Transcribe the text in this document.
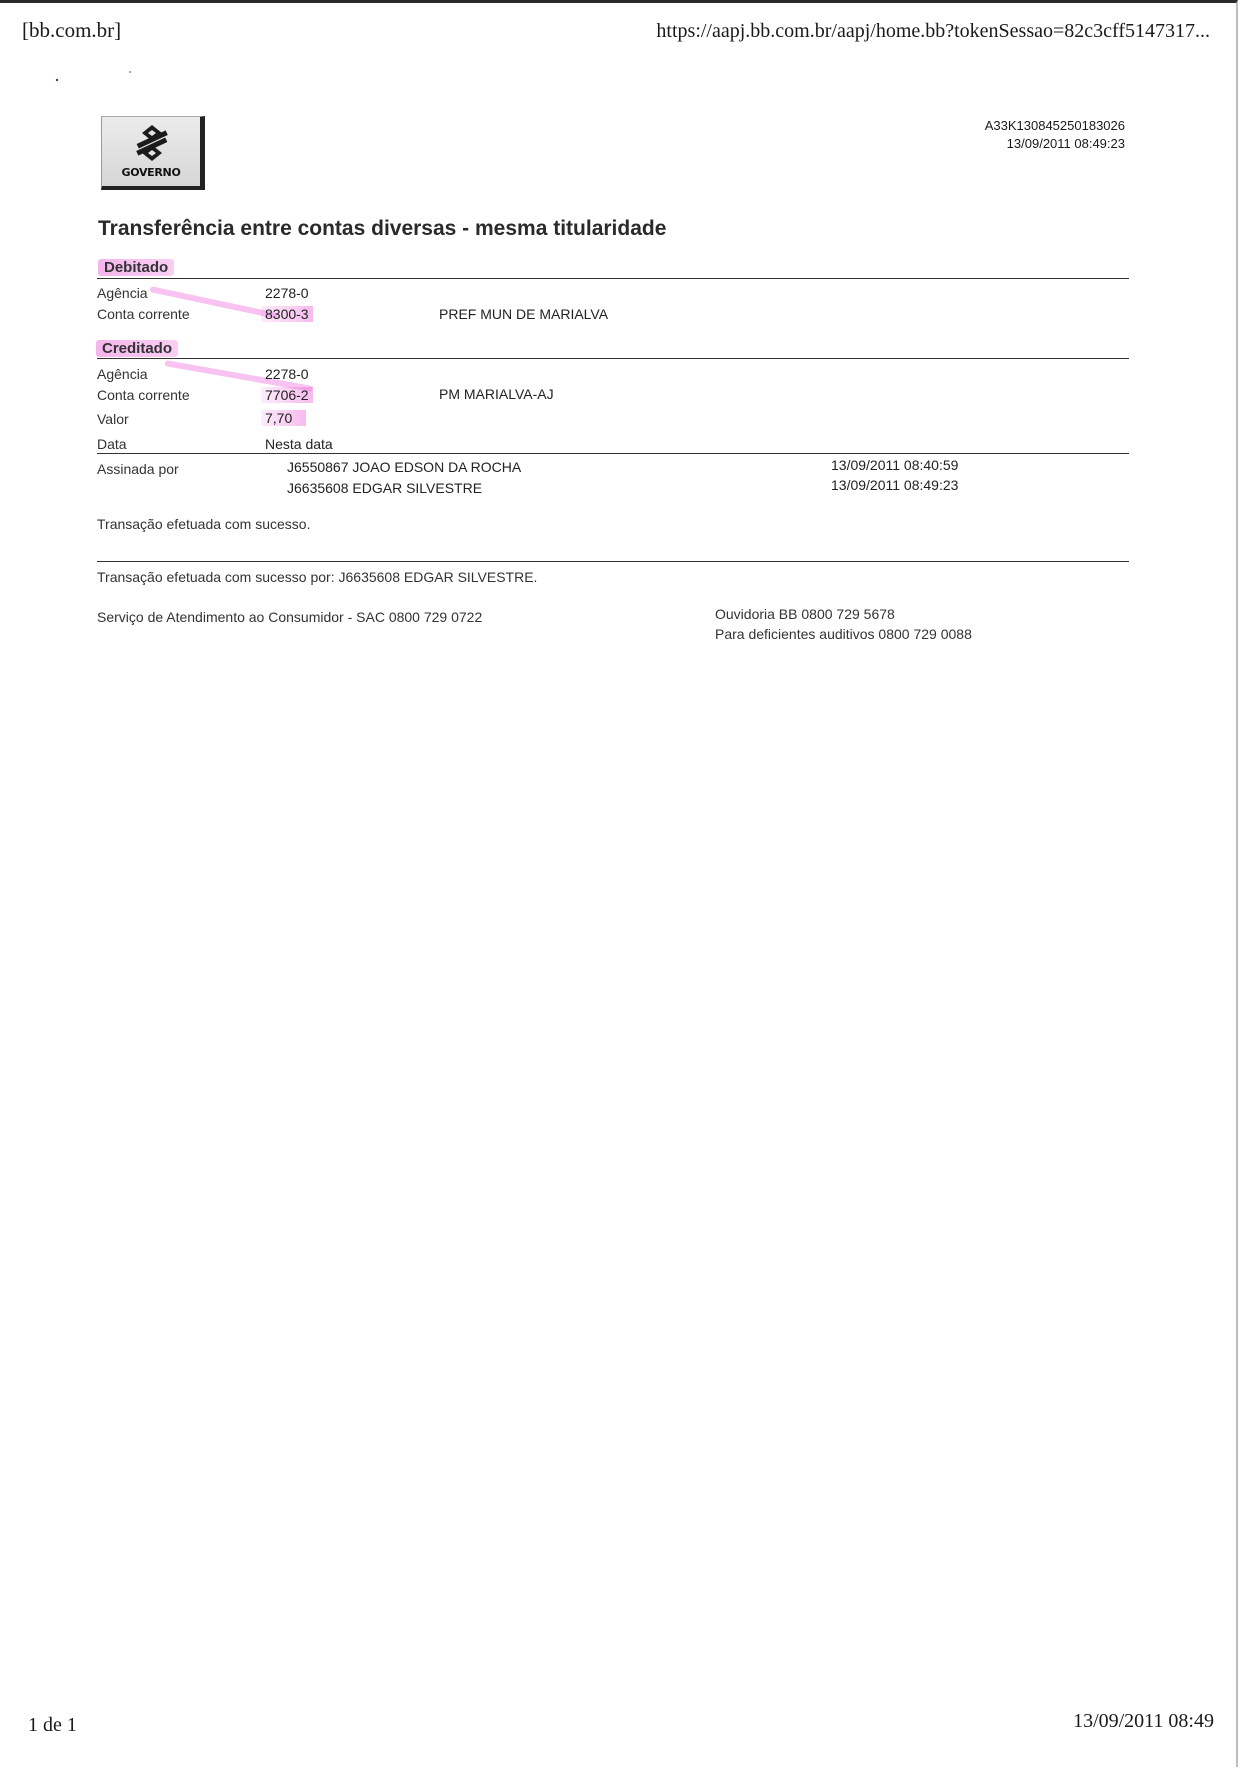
[bb.com.br]	https://aapj.bb.com.br/aapj/home.bb?tokenSessao=82c3cff5147317...
GOVERNO
A33K130845250183026
13/09/2011 08:49:23
Transferência entre contas diversas - mesma titularidade
Debitado
Agência	2278-0
Conta corrente	8300-3	PREF MUN DE MARIALVA
Creditado
Agência	2278-0
Conta corrente	7706-2	PM MARIALVA-AJ
Valor	7,70
Data	Nesta data
Assinada por	J6550867 JOAO EDSON DA ROCHA	13/09/2011 08:40:59
J6635608 EDGAR SILVESTRE	13/09/2011 08:49:23
Transação efetuada com sucesso.
Transação efetuada com sucesso por: J6635608 EDGAR SILVESTRE.
Serviço de Atendimento ao Consumidor - SAC 0800 729 0722	Ouvidoria BB 0800 729 5678
Para deficientes auditivos 0800 729 0088
1 de 1	13/09/2011 08:49
